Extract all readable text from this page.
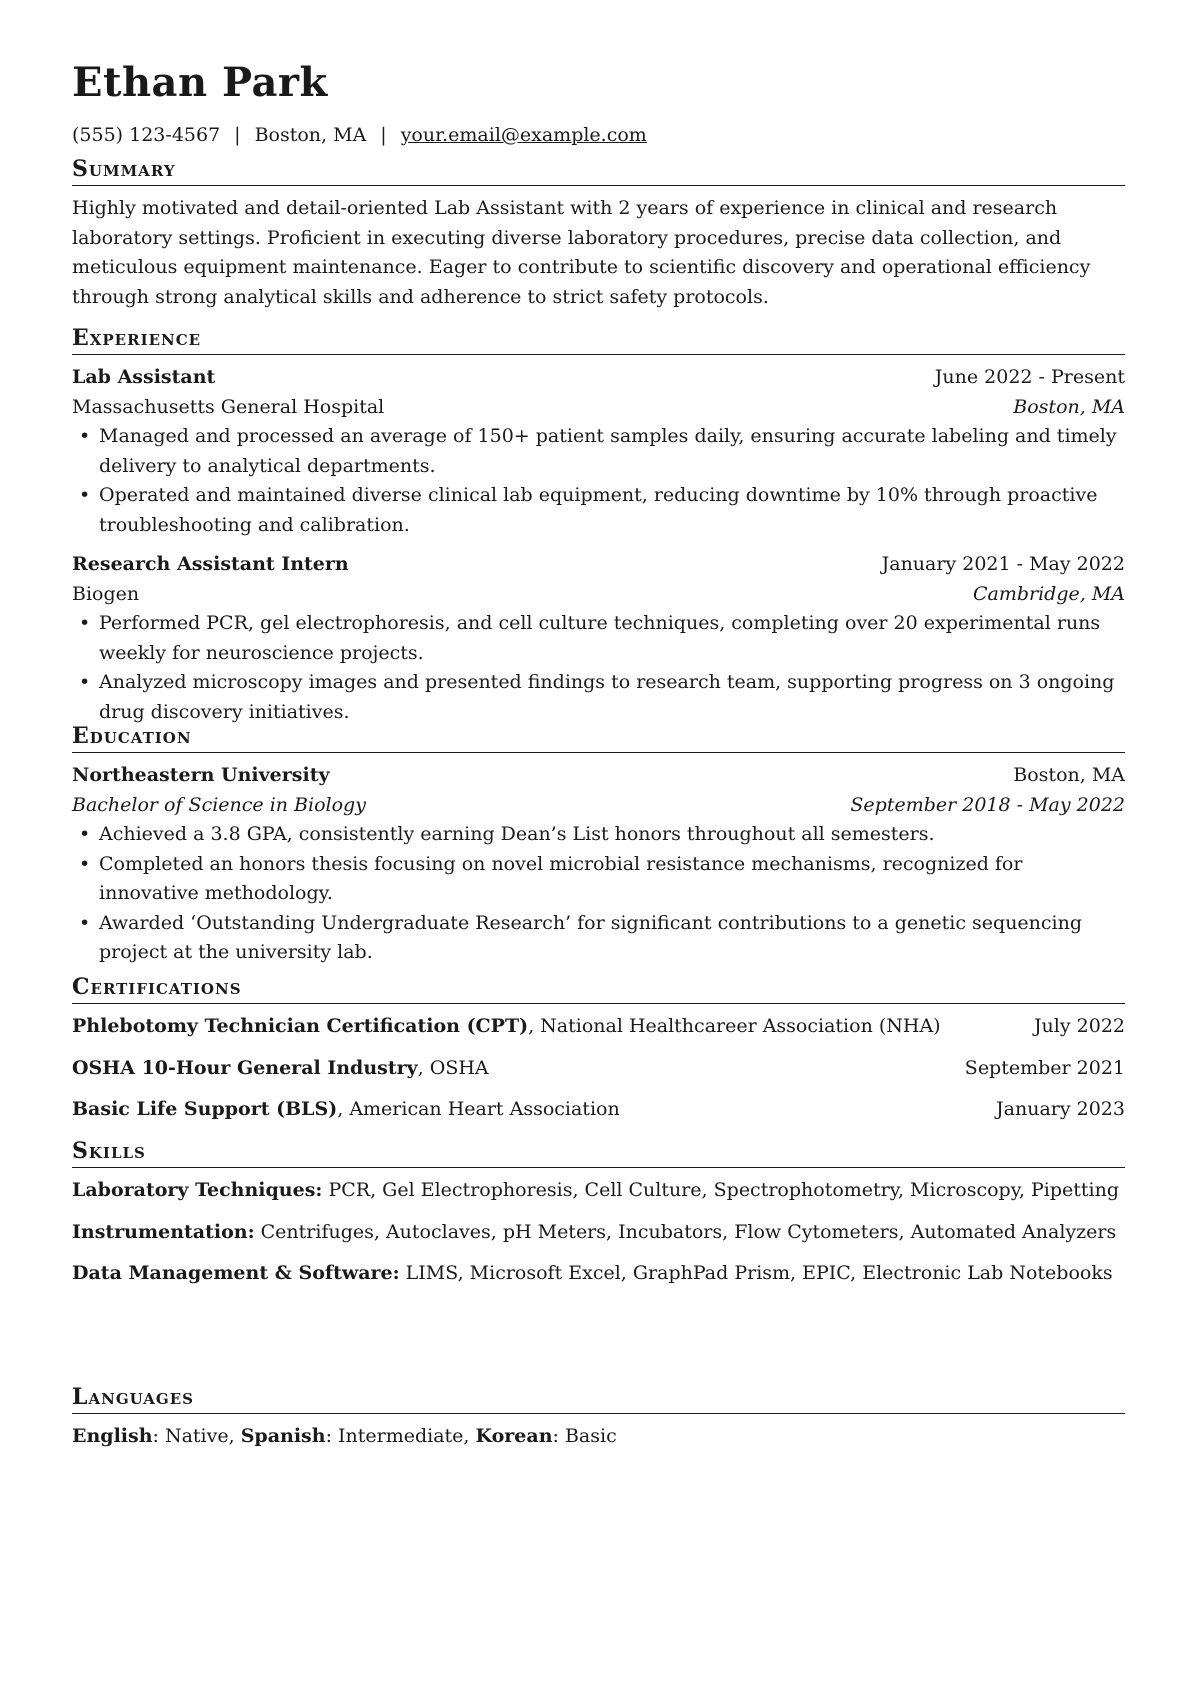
Ethan Park
(555) 123-4567 | Boston, MA | your.email@example.com
Summary

Highly motivated and detail-oriented Lab Assistant with 2 years of experience in clinical and research laboratory settings. Proficient in executing diverse laboratory procedures, precise data collection, and meticulous equipment maintenance. Eager to contribute to scientific discovery and operational efficiency through strong analytical skills and adherence to strict safety protocols.

Experience
Lab Assistant	June 2022 - Present
Massachusetts General Hospital	Boston, MA
• Managed and processed an average of 150+ patient samples daily, ensuring accurate labeling and timely delivery to analytical departments.
• Operated and maintained diverse clinical lab equipment, reducing downtime by 10% through proactive troubleshooting and calibration.
Research Assistant Intern	January 2021 - May 2022
Biogen	Cambridge, MA
• Performed PCR, gel electrophoresis, and cell culture techniques, completing over 20 experimental runs weekly for neuroscience projects.
• Analyzed microscopy images and presented findings to research team, supporting progress on 3 ongoing drug discovery initiatives.
Education
Northeastern University	Boston, MA
Bachelor of Science in Biology	September 2018 - May 2022
• Achieved a 3.8 GPA, consistently earning Dean’s List honors throughout all semesters.
• Completed an honors thesis focusing on novel microbial resistance mechanisms, recognized for innovative methodology.
• Awarded ‘Outstanding Undergraduate Research’ for significant contributions to a genetic sequencing project at the university lab.
Certifications
Phlebotomy Technician Certification (CPT), National Healthcareer Association (NHA)	July 2022
OSHA 10-Hour General Industry, OSHA	September 2021
Basic Life Support (BLS), American Heart Association	January 2023
Skills
Laboratory Techniques: PCR, Gel Electrophoresis, Cell Culture, Spectrophotometry, Microscopy, Pipetting
Instrumentation: Centrifuges, Autoclaves, pH Meters, Incubators, Flow Cytometers, Automated Analyzers
Data Management & Software: LIMS, Microsoft Excel, GraphPad Prism, EPIC, Electronic Lab Notebooks
Languages
English: Native, Spanish: Intermediate, Korean: Basic
